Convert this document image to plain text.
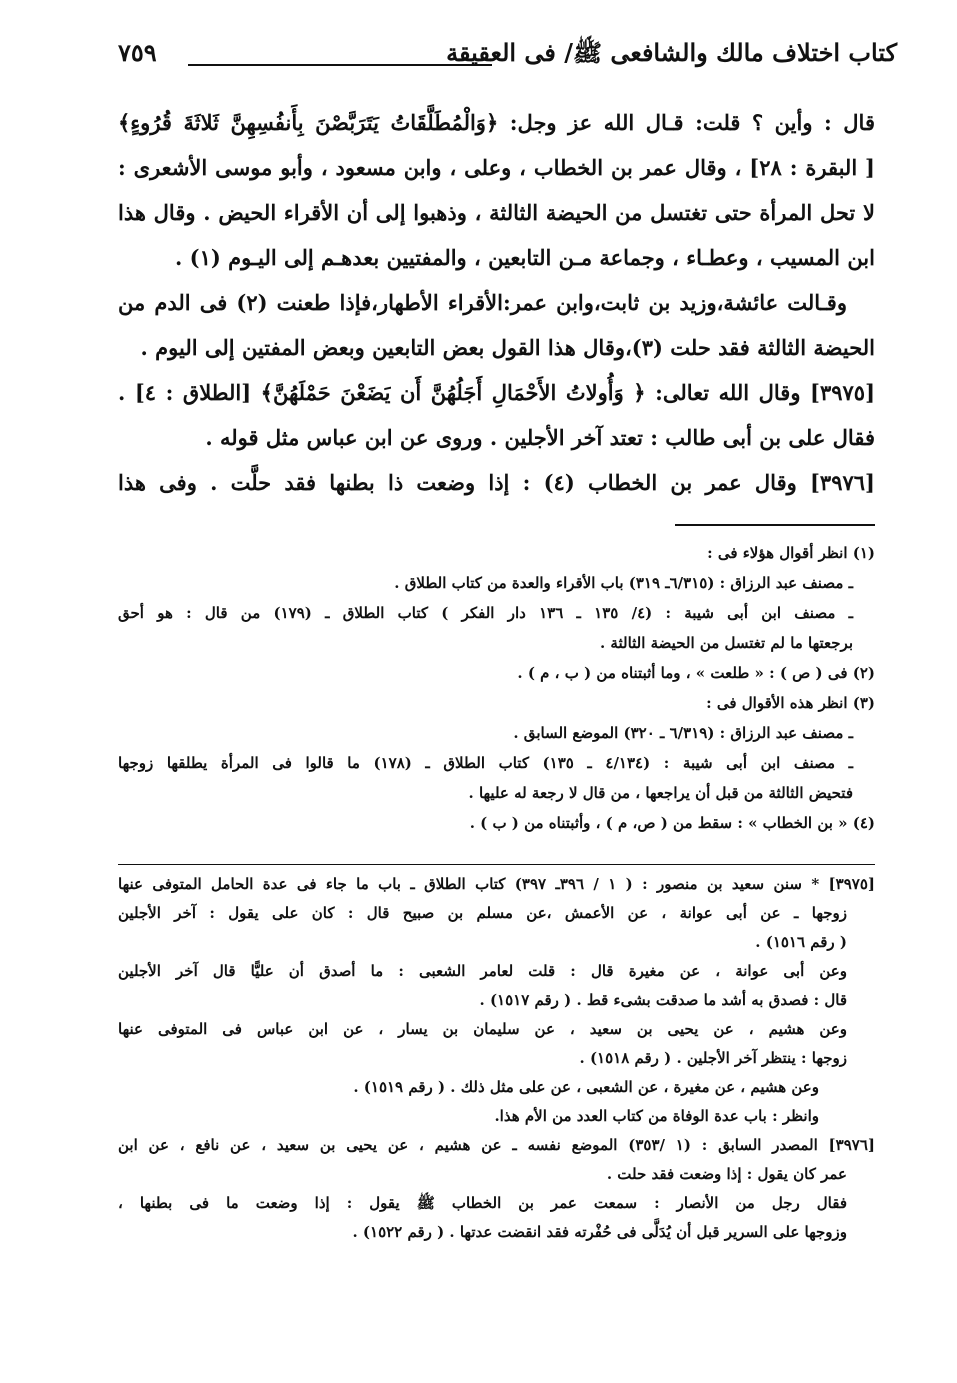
كتاب اختلاف مالك والشافعى ﷺ/ فى العقيقة
٧٥٩
قال : وأين ؟ قلت: قـال الله عز وجل: ﴿وَالْمُطَلَّقَاتُ يَتَرَبَّصْنَ بِأَنفُسِهِنَّ ثَلاثَةَ قُرُوءٍ﴾
[ البقرة : ٢٨] ، وقال عمر بن الخطاب ، وعلى ، وابن مسعود ، وأبو موسى الأشعرى :
لا تحل المرأة حتى تغتسل من الحيضة الثالثة ، وذهبوا إلى أن الأقراء الحيض . وقال هذا
ابن المسيب ، وعطـاء ، وجماعة مـن التابعين ، والمفتيين بعدهـم إلى اليـوم (١) .
وقـالت عائشة،وزيد بن ثابت،وابن عمر:الأقراء الأطهار،فإذا طعنت (٢) فى الدم من
الحيضة الثالثة فقد حلت (٣)،وقال هذا القول بعض التابعين وبعض المفتين إلى اليوم .
[٣٩٧٥] وقال الله تعالى: ﴿ وَأُولاتُ الأَحْمَالِ أَجَلُهُنَّ أَن يَضَعْنَ حَمْلَهُنَّ﴾ [الطلاق : ٤] .
فقال على بن أبى طالب : تعتد آخر الأجلين . وروى عن ابن عباس مثل قوله .
[٣٩٧٦] وقال عمر بن الخطاب (٤) : إذا وضعت ذا بطنها فقد حلَّت . وفى هذا
(١) انظر أقوال هؤلاء فى :
ـ مصنف عبد الرزاق : (٦/٣١٥ـ ٣١٩) باب الأقراء والعدة من كتاب الطلاق .
ـ مصنف ابن أبى شيبة : (٤/ ١٣٥ ـ ١٣٦ دار الفكر ) كتاب الطلاق ـ (١٧٩) من قال : هو أحق
برجعتها ما لم تغتسل من الحيضة الثالثة .
(٢) فى ( ص ) : « طلعت » ، وما أثبتناه من ( ب ، م ) .
(٣) انظر هذه الأقوال فى :
ـ مصنف عبد الرزاق : (٦/٣١٩ ـ ٣٢٠) الموضع السابق .
ـ مصنف ابن أبى شيبة : (٤/١٣٤ ـ ١٣٥) كتاب الطلاق ـ (١٧٨) ما قالوا فى المرأة يطلقها زوجها
فتحيض الثالثة من قبل أن يراجعها ، من قال لا رجعة له عليها .
(٤) « بن الخطاب » : سقط من ( ص، م ) ، وأثبتناه من ( ب ) .
[٣٩٧٥] * سنن سعيد بن منصور : ( ١ / ٣٩٦ـ ٣٩٧) كتاب الطلاق ـ باب ما جاء فى عدة الحامل المتوفى عنها
زوجها ـ عن أبى عوانة ، عن الأعمش ،عن مسلم بن صبيح قال : كان على يقول : آخر الأجلين
( رقم ١٥١٦) .
وعن أبى عوانة ، عن مغيرة قال : قلت لعامر الشعبى : ما أصدق أن عليًّا قال آخر الأجلين
قال : فصدق به أشد ما صدقت بشىء قط . ( رقم ١٥١٧) .
وعن هشيم ، عن يحيى بن سعيد ، عن سليمان بن يسار ، عن ابن عباس فى المتوفى عنها
زوجها : ينتظر آخر الأجلين . ( رقم ١٥١٨) .
وعن هشيم ، عن مغيرة ، عن الشعبى ، عن على مثل ذلك . ( رقم ١٥١٩) .
وانظر : باب عدة الوفاة من كتاب العدد من الأم هذا.
[٣٩٧٦] المصدر السابق : (١ /٣٥٣) الموضع نفسه ـ عن هشيم ، عن يحيى بن سعيد ، عن نافع ، عن ابن
عمر كان يقول : إذا وضعت فقد حلت .
فقال رجل من الأنصار : سمعت عمر بن الخطاب ﷺ يقول : إذا وضعت ما فى بطنها ،
وزوجها على السرير قبل أن يُدَلَّى فى حُفْرته فقد انقضت عدتها . ( رقم ١٥٢٢) .
